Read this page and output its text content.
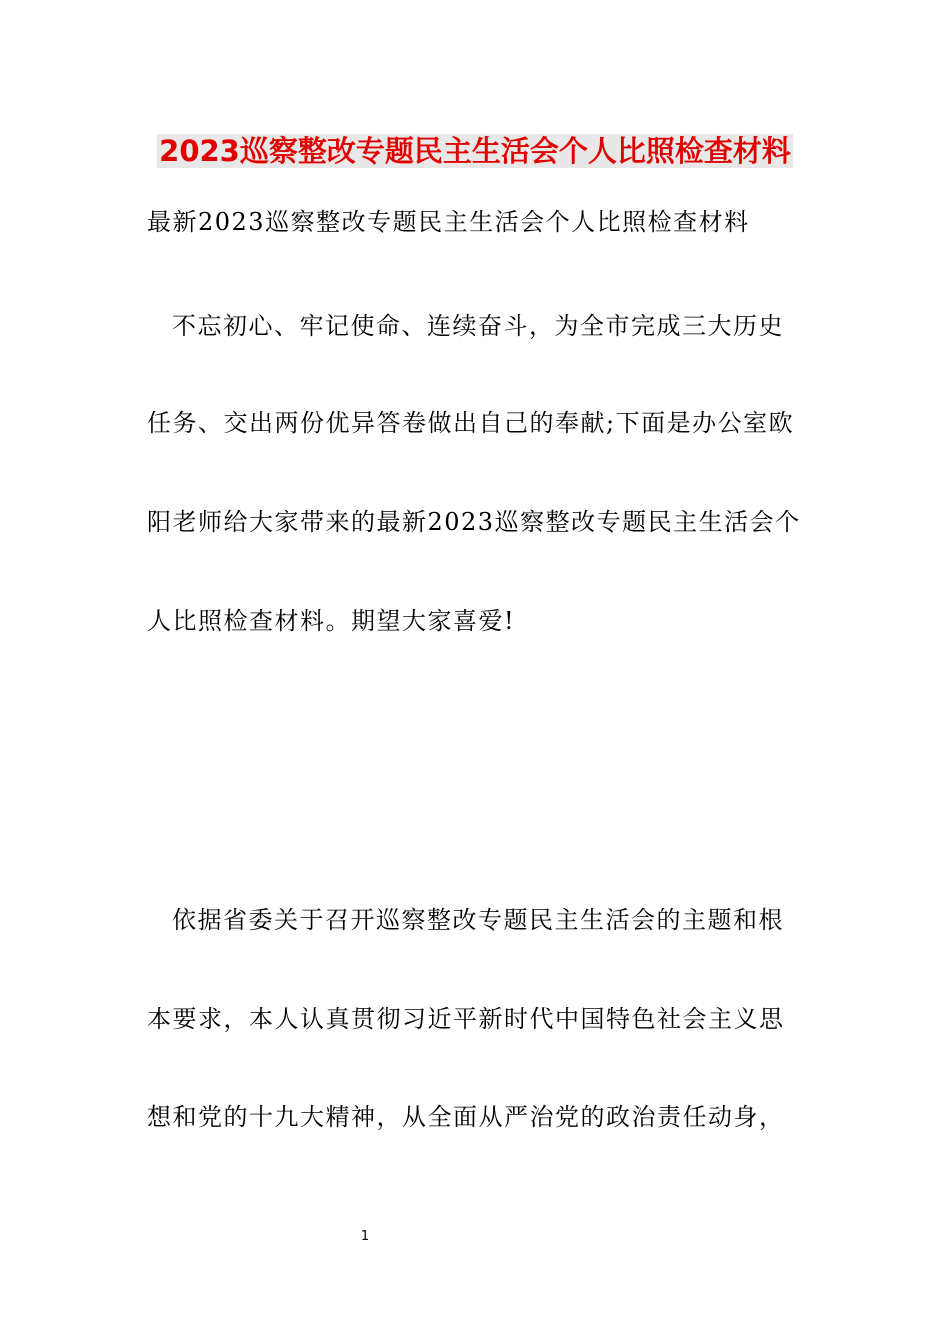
2023巡察整改专题民主生活会个人比照检查材料
最新2023巡察整改专题民主生活会个人比照检查材料
不忘初心、牢记使命、连续奋斗，为全市完成三大历史
任务、交出两份优异答卷做出自己的奉献;下面是办公室欧
阳老师给大家带来的最新2023巡察整改专题民主生活会个
人比照检查材料。期望大家喜爱!
依据省委关于召开巡察整改专题民主生活会的主题和根
本要求，本人认真贯彻习近平新时代中国特色社会主义思
想和党的十九大精神，从全面从严治党的政治责任动身，
1
